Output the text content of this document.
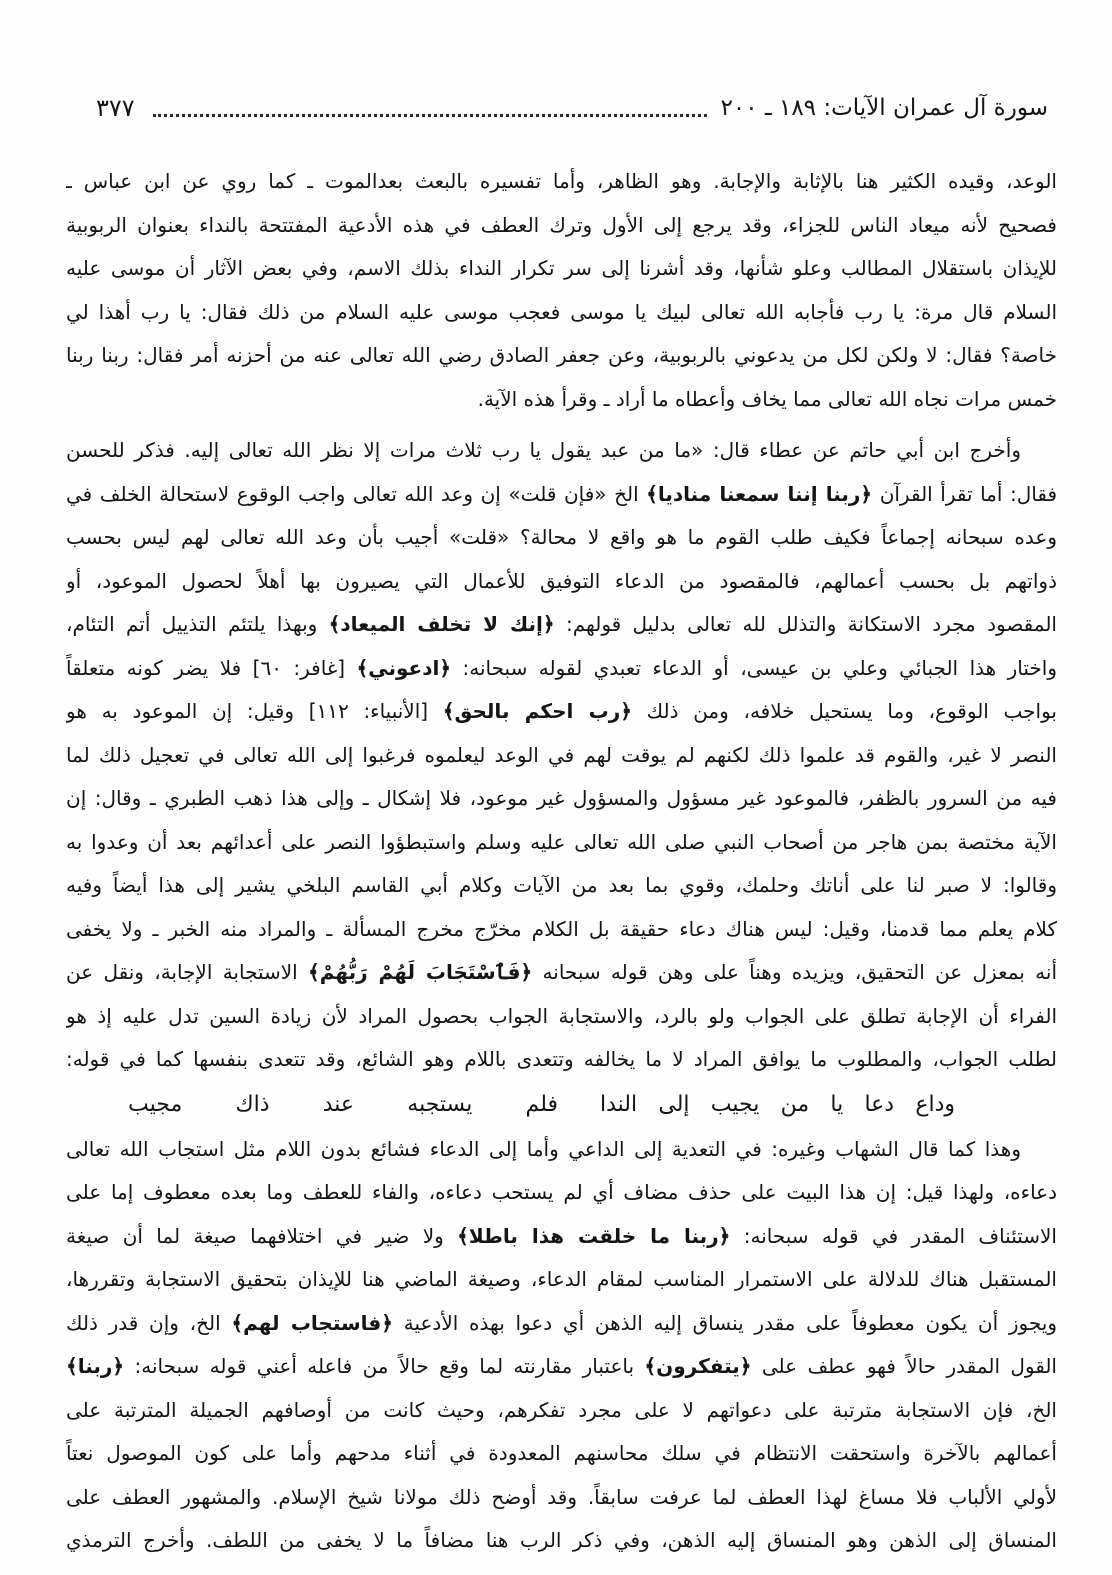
سورة آل عمران الآيات: ١٨٩ ـ ٢٠٠
٣٧٧
الوعد، وقيده الكثير هنا بالإثابة والإجابة. وهو الظاهر، وأما تفسيره بالبعث بعدالموت ـ كما روي عن ابن عباس ـ
فصحيح لأنه ميعاد الناس للجزاء، وقد يرجع إلى الأول وترك العطف في هذه الأدعية المفتتحة بالنداء بعنوان الربوبية
للإيذان باستقلال المطالب وعلو شأنها، وقد أشرنا إلى سر تكرار النداء بذلك الاسم، وفي بعض الآثار أن موسى عليه
السلام قال مرة: يا رب فأجابه الله تعالى لبيك يا موسى فعجب موسى عليه السلام من ذلك فقال: يا رب أهذا لي
خاصة؟ فقال: لا ولكن لكل من يدعوني بالربوبية، وعن جعفر الصادق رضي الله تعالى عنه من أحزنه أمر فقال: ربنا ربنا
خمس مرات نجاه الله تعالى مما يخاف وأعطاه ما أراد ـ وقرأ هذه الآية.
وأخرج ابن أبي حاتم عن عطاء قال: «ما من عبد يقول يا رب ثلاث مرات إلا نظر الله تعالى إليه. فذكر للحسن
فقال: أما تقرأ القرآن ﴿ربنا إننا سمعنا مناديا﴾ الخ «فإن قلت» إن وعد الله تعالى واجب الوقوع لاستحالة الخلف في
وعده سبحانه إجماعاً فكيف طلب القوم ما هو واقع لا محالة؟ «قلت» أجيب بأن وعد الله تعالى لهم ليس بحسب
ذواتهم بل بحسب أعمالهم، فالمقصود من الدعاء التوفيق للأعمال التي يصيرون بها أهلاً لحصول الموعود، أو
المقصود مجرد الاستكانة والتذلل لله تعالى بدليل قولهم: ﴿إنك لا تخلف الميعاد﴾ وبهذا يلتئم التذييل أتم التئام،
واختار هذا الجبائي وعلي بن عيسى، أو الدعاء تعبدي لقوله سبحانه: ﴿ادعوني﴾ [غافر: ٦٠] فلا يضر كونه متعلقاً
بواجب الوقوع، وما يستحيل خلافه، ومن ذلك ﴿رب احكم بالحق﴾ [الأنبياء: ١١٢] وقيل: إن الموعود به هو
النصر لا غير، والقوم قد علموا ذلك لكنهم لم يوقت لهم في الوعد ليعلموه فرغبوا إلى الله تعالى في تعجيل ذلك لما
فيه من السرور بالظفر، فالموعود غير مسؤول والمسؤول غير موعود، فلا إشكال ـ وإلى هذا ذهب الطبري ـ وقال: إن
الآية مختصة بمن هاجر من أصحاب النبي صلى الله تعالى عليه وسلم واستبطؤوا النصر على أعدائهم بعد أن وعدوا به
وقالوا: لا صبر لنا على أناتك وحلمك، وقوي بما بعد من الآيات وكلام أبي القاسم البلخي يشير إلى هذا أيضاً وفيه
كلام يعلم مما قدمنا، وقيل: ليس هناك دعاء حقيقة بل الكلام مخرّج مخرج المسألة ـ والمراد منه الخبر ـ ولا يخفى
أنه بمعزل عن التحقيق، ويزيده وهناً على وهن قوله سبحانه ﴿فَٱسْتَجَابَ لَهُمْ رَبُّهُمْ﴾ الاستجابة الإجابة، ونقل عن
الفراء أن الإجابة تطلق على الجواب ولو بالرد، والاستجابة الجواب بحصول المراد لأن زيادة السين تدل عليه إذ هو
لطلب الجواب، والمطلوب ما يوافق المراد لا ما يخالفه وتتعدى باللام وهو الشائع، وقد تتعدى بنفسها كما في قوله:
وداع دعا يا من يجيب إلى الندا
فلم يستجبه عند ذاك مجيب
وهذا كما قال الشهاب وغيره: في التعدية إلى الداعي وأما إلى الدعاء فشائع بدون اللام مثل استجاب الله تعالى
دعاءه، ولهذا قيل: إن هذا البيت على حذف مضاف أي لم يستحب دعاءه، والفاء للعطف وما بعده معطوف إما على
الاستئناف المقدر في قوله سبحانه: ﴿ربنا ما خلقت هذا باطلا﴾ ولا ضير في اختلافهما صيغة لما أن صيغة
المستقبل هناك للدلالة على الاستمرار المناسب لمقام الدعاء، وصيغة الماضي هنا للإيذان بتحقيق الاستجابة وتقررها،
ويجوز أن يكون معطوفاً على مقدر ينساق إليه الذهن أي دعوا بهذه الأدعية ﴿فاستجاب لهم﴾ الخ، وإن قدر ذلك
القول المقدر حالاً فهو عطف على ﴿يتفكرون﴾ باعتبار مقارنته لما وقع حالاً من فاعله أعني قوله سبحانه: ﴿ربنا﴾
الخ، فإن الاستجابة مترتبة على دعواتهم لا على مجرد تفكرهم، وحيث كانت من أوصافهم الجميلة المترتبة على
أعمالهم بالآخرة واستحقت الانتظام في سلك محاسنهم المعدودة في أثناء مدحهم وأما على كون الموصول نعتاً
لأولي الألباب فلا مساغ لهذا العطف لما عرفت سابقاً. وقد أوضح ذلك مولانا شيخ الإسلام. والمشهور العطف على
المنساق إلى الذهن وهو المنساق إليه الذهن، وفي ذكر الرب هنا مضافاً ما لا يخفى من اللطف. وأخرج الترمذي
